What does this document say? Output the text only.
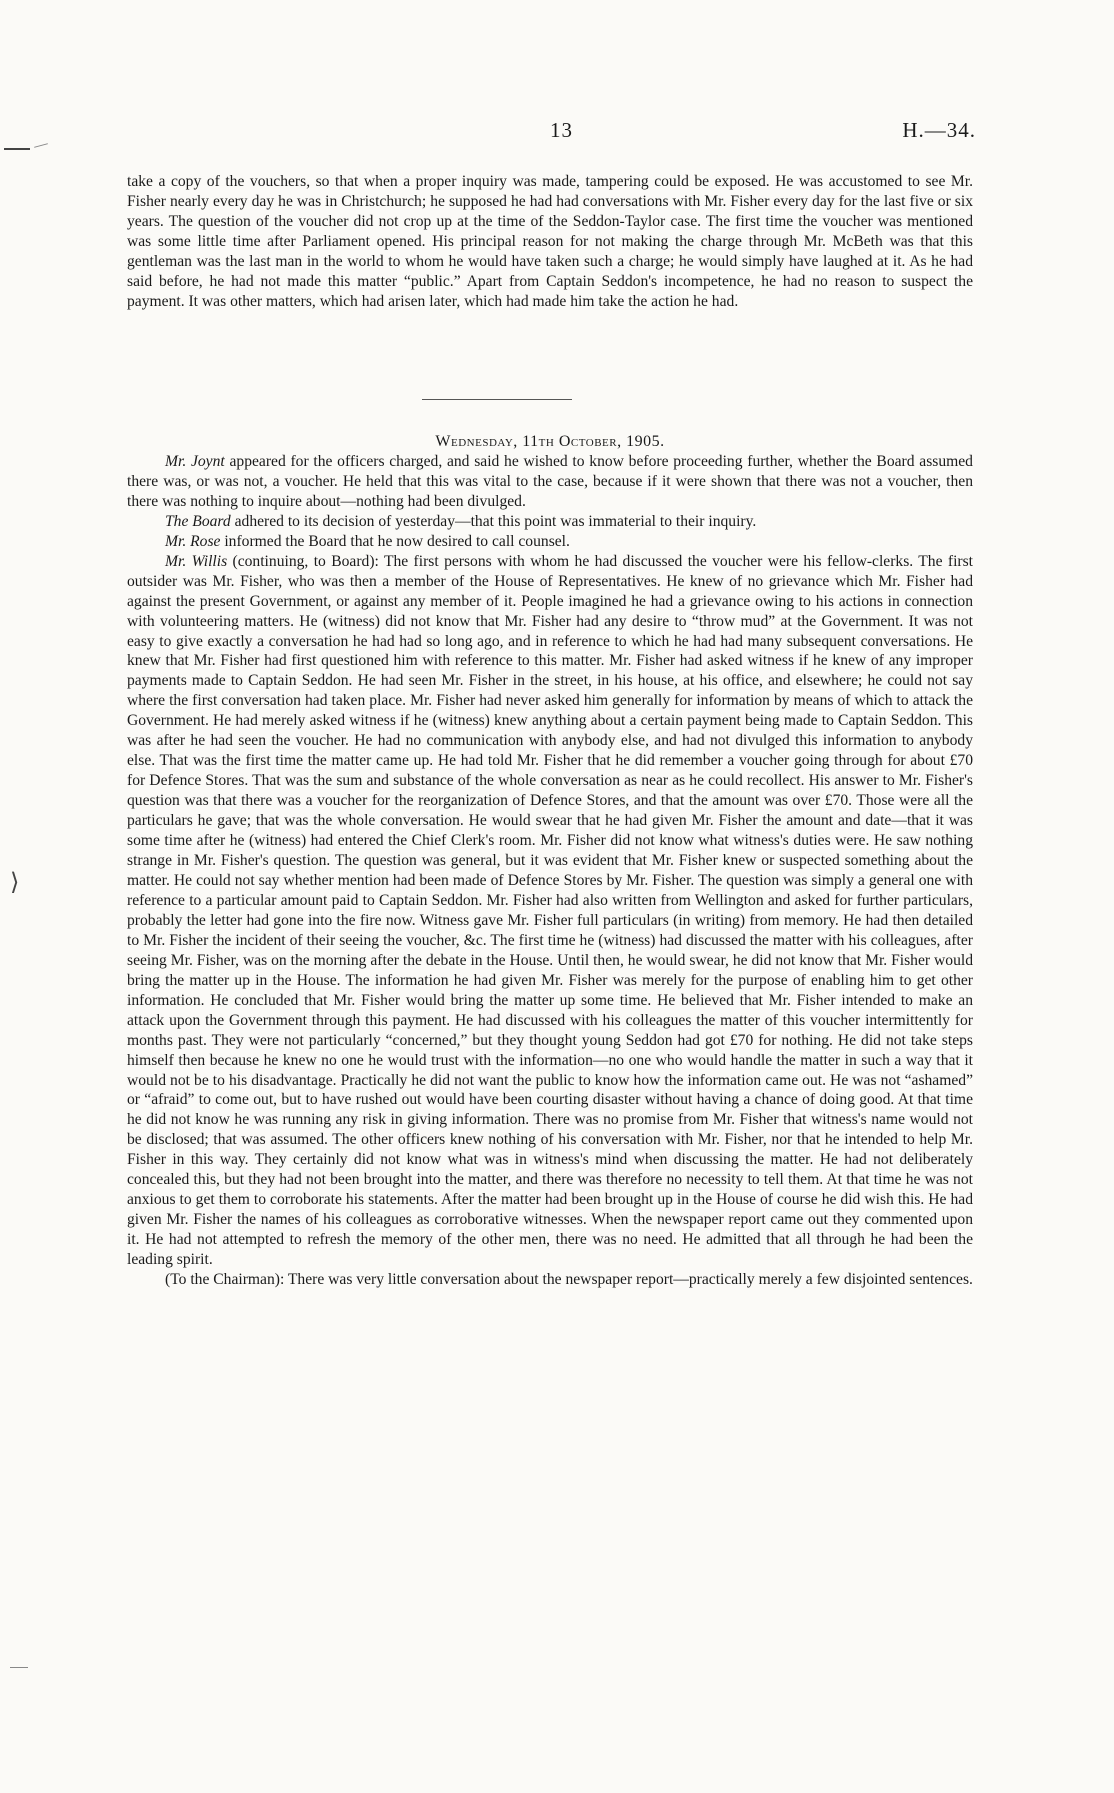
⟩
13	H.—34.

take a copy of the vouchers, so that when a proper inquiry was made, tampering could be exposed. He was accustomed to see Mr. Fisher nearly every day he was in Christchurch; he supposed he had had conversations with Mr. Fisher every day for the last five or six years. The question of the voucher did not crop up at the time of the Seddon-Taylor case. The first time the voucher was mentioned was some little time after Parliament opened. His principal reason for not making the charge through Mr. McBeth was that this gentleman was the last man in the world to whom he would have taken such a charge; he would simply have laughed at it. As he had said before, he had not made this matter “public.” Apart from Captain Seddon's incompetence, he had no reason to suspect the payment. It was other matters, which had arisen later, which had made him take the action he had.

Wednesday, 11th October, 1905.

Mr. Joynt appeared for the officers charged, and said he wished to know before proceeding further, whether the Board assumed there was, or was not, a voucher. He held that this was vital to the case, because if it were shown that there was not a voucher, then there was nothing to inquire about—nothing had been divulged.

The Board adhered to its decision of yesterday—that this point was immaterial to their inquiry.

Mr. Rose informed the Board that he now desired to call counsel.

Mr. Willis (continuing, to Board): The first persons with whom he had discussed the voucher were his fellow-clerks. The first outsider was Mr. Fisher, who was then a member of the House of Representatives. He knew of no grievance which Mr. Fisher had against the present Government, or against any member of it. People imagined he had a grievance owing to his actions in connection with volunteering matters. He (witness) did not know that Mr. Fisher had any desire to “throw mud” at the Government. It was not easy to give exactly a conversation he had had so long ago, and in reference to which he had had many subsequent conversations. He knew that Mr. Fisher had first questioned him with reference to this matter. Mr. Fisher had asked witness if he knew of any improper payments made to Captain Seddon. He had seen Mr. Fisher in the street, in his house, at his office, and elsewhere; he could not say where the first conversation had taken place. Mr. Fisher had never asked him generally for information by means of which to attack the Government. He had merely asked witness if he (witness) knew anything about a certain payment being made to Captain Seddon. This was after he had seen the voucher. He had no communication with anybody else, and had not divulged this information to anybody else. That was the first time the matter came up. He had told Mr. Fisher that he did remember a voucher going through for about £70 for Defence Stores. That was the sum and substance of the whole conversation as near as he could recollect. His answer to Mr. Fisher's question was that there was a voucher for the reorganization of Defence Stores, and that the amount was over £70. Those were all the particulars he gave; that was the whole conversation. He would swear that he had given Mr. Fisher the amount and date—that it was some time after he (witness) had entered the Chief Clerk's room. Mr. Fisher did not know what witness's duties were. He saw nothing strange in Mr. Fisher's question. The question was general, but it was evident that Mr. Fisher knew or suspected something about the matter. He could not say whether mention had been made of Defence Stores by Mr. Fisher. The question was simply a general one with reference to a particular amount paid to Captain Seddon. Mr. Fisher had also written from Wellington and asked for further particulars, probably the letter had gone into the fire now. Witness gave Mr. Fisher full particulars (in writing) from memory. He had then detailed to Mr. Fisher the incident of their seeing the voucher, &c. The first time he (witness) had discussed the matter with his colleagues, after seeing Mr. Fisher, was on the morning after the debate in the House. Until then, he would swear, he did not know that Mr. Fisher would bring the matter up in the House. The information he had given Mr. Fisher was merely for the purpose of enabling him to get other information. He concluded that Mr. Fisher would bring the matter up some time. He believed that Mr. Fisher intended to make an attack upon the Government through this payment. He had discussed with his colleagues the matter of this voucher intermittently for months past. They were not particularly “concerned,” but they thought young Seddon had got £70 for nothing. He did not take steps himself then because he knew no one he would trust with the information—no one who would handle the matter in such a way that it would not be to his disadvantage. Practically he did not want the public to know how the information came out. He was not “ashamed” or “afraid” to come out, but to have rushed out would have been courting disaster without having a chance of doing good. At that time he did not know he was running any risk in giving information. There was no promise from Mr. Fisher that witness's name would not be disclosed; that was assumed. The other officers knew nothing of his conversation with Mr. Fisher, nor that he intended to help Mr. Fisher in this way. They certainly did not know what was in witness's mind when discussing the matter. He had not deliberately concealed this, but they had not been brought into the matter, and there was therefore no necessity to tell them. At that time he was not anxious to get them to corroborate his statements. After the matter had been brought up in the House of course he did wish this. He had given Mr. Fisher the names of his colleagues as corroborative witnesses. When the newspaper report came out they commented upon it. He had not attempted to refresh the memory of the other men, there was no need. He admitted that all through he had been the leading spirit.

(To the Chairman): There was very little conversation about the newspaper report—practically merely a few disjointed sentences.
